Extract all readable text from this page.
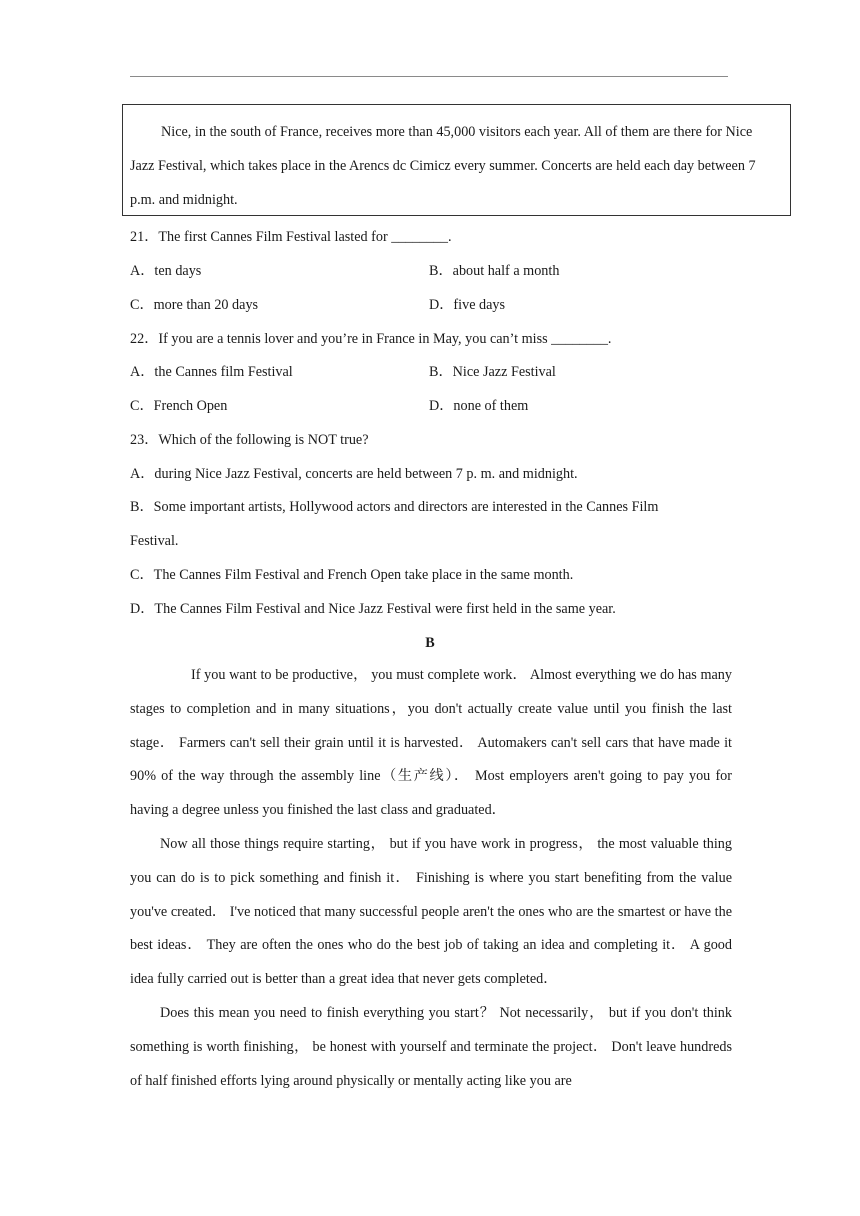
Nice, in the south of France, receives more than 45,000 visitors each year. All of them are there for Nice Jazz Festival, which takes place in the Arencs dc Cimicz every summer. Concerts are held each day between 7 p.m. and midnight.

21．The first Cannes Film Festival lasted for ________.
A．ten days	B．about half a month
C．more than 20 days	D．five days
22．If you are a tennis lover and you’re in France in May, you can’t miss ________.
A．the Cannes film Festival	B．Nice Jazz Festival
C．French Open	D．none of them
23．Which of the following is NOT true?
A．during Nice Jazz Festival, concerts are held between 7 p. m. and midnight.
B．Some important artists, Hollywood actors and directors are interested in the Cannes Film
Festival.
C．The Cannes Film Festival and French Open take place in the same month.
D．The Cannes Film Festival and Nice Jazz Festival were first held in the same year.
B

If you want to be productive， you must complete work． Almost everything we do has many stages to completion and in many situations，you don't actually create value until you finish the last stage． Farmers can't sell their grain until it is harvested． Automakers can't sell cars that have made it 90% of the way through the assembly line（生产线）． Most employers aren't going to pay you for having a degree unless you finished the last class and graduated．

Now all those things require starting， but if you have work in progress， the most valuable thing you can do is to pick something and finish it． Finishing is where you start benefiting from the value you've created． I've noticed that many successful people aren't the ones who are the smartest or have the best ideas． They are often the ones who do the best job of taking an idea and completing it． A good idea fully carried out is better than a great idea that never gets completed．

Does this mean you need to finish everything you start？ Not necessarily， but if you don't think something is worth finishing， be honest with yourself and terminate the project． Don't leave hundreds of half finished efforts lying around physically or mentally acting like you are
